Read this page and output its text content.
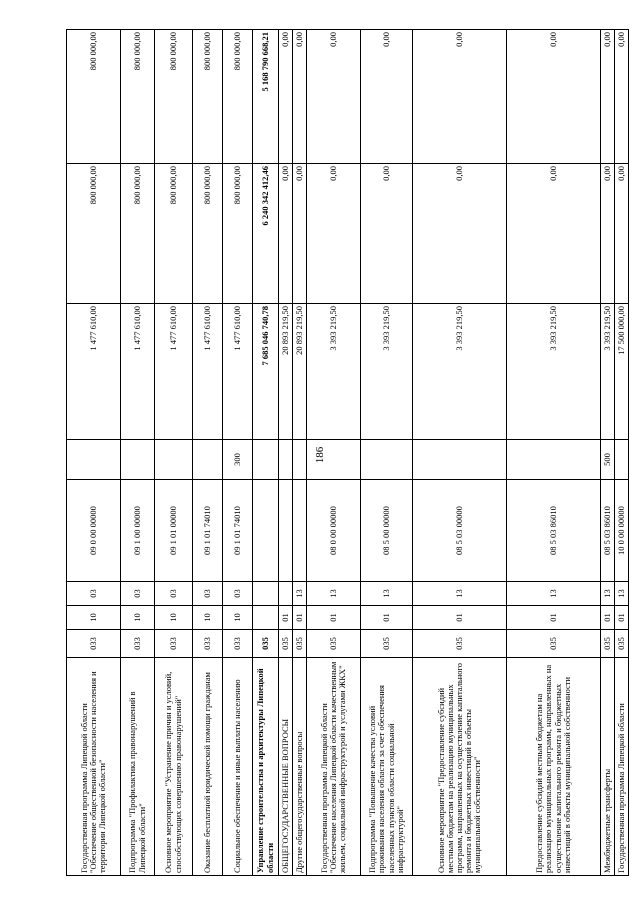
186
Государственная программа Липецкой области "Обеспечение общественной безопасности населения и территории Липецкой области"	033	10	03	09 0 00 00000		1 477 610,00	800 000,00	800 000,00
Подпрограмма "Профилактика правонарушений в Липецкой области"	033	10	03	09 1 00 00000		1 477 610,00	800 000,00	800 000,00
Основное мероприятие "Устранение причин и условий, способствующих совершению правонарушений"	033	10	03	09 1 01 00000		1 477 610,00	800 000,00	800 000,00
Оказание бесплатной юридической помощи гражданам	033	10	03	09 1 01 74010		1 477 610,00	800 000,00	800 000,00
Социальное обеспечение и иные выплаты населению	033	10	03	09 1 01 74010	300	1 477 610,00	800 000,00	800 000,00
Управление строительства и архитектуры Липецкой области	035					7 685 046 740,78	6 240 342 412,46	5 168 790 668,21
ОБЩЕГОСУДАРСТВЕННЫЕ ВОПРОСЫ	035	01				20 893 219,50	0,00	0,00
Другие общегосударственные вопросы	035	01	13			20 893 219,50	0,00	0,00
Государственная программа Липецкой области "Обеспечение населения Липецкой области качественным жильем, социальной инфраструктурой и услугами ЖКХ"	035	01	13	08 0 00 00000		3 393 219,50	0,00	0,00
Подпрограмма "Повышение качества условий проживания населения области за счет обеспечения населенных пунктов области социальной инфраструктурой"	035	01	13	08 5 00 00000		3 393 219,50	0,00	0,00
Основное мероприятие "Предоставление субсидий местным бюджетам на реализацию муниципальных программ, направленных на осуществление капитального ремонта и бюджетных инвестиций в объекты муниципальной собственности"	035	01	13	08 5 03 00000		3 393 219,50	0,00	0,00
Предоставление субсидий местным бюджетам на реализацию муниципальных программ, направленных на осуществление капитального ремонта и бюджетных инвестиций в объекты муниципальной собственности	035	01	13	08 5 03 86010		3 393 219,50	0,00	0,00
Межбюджетные трансферты	035	01	13	08 5 03 86010	500	3 393 219,50	0,00	0,00
Государственная программа Липецкой области	035	01	13	10 0 00 00000		17 500 000,00	0,00	0,00
